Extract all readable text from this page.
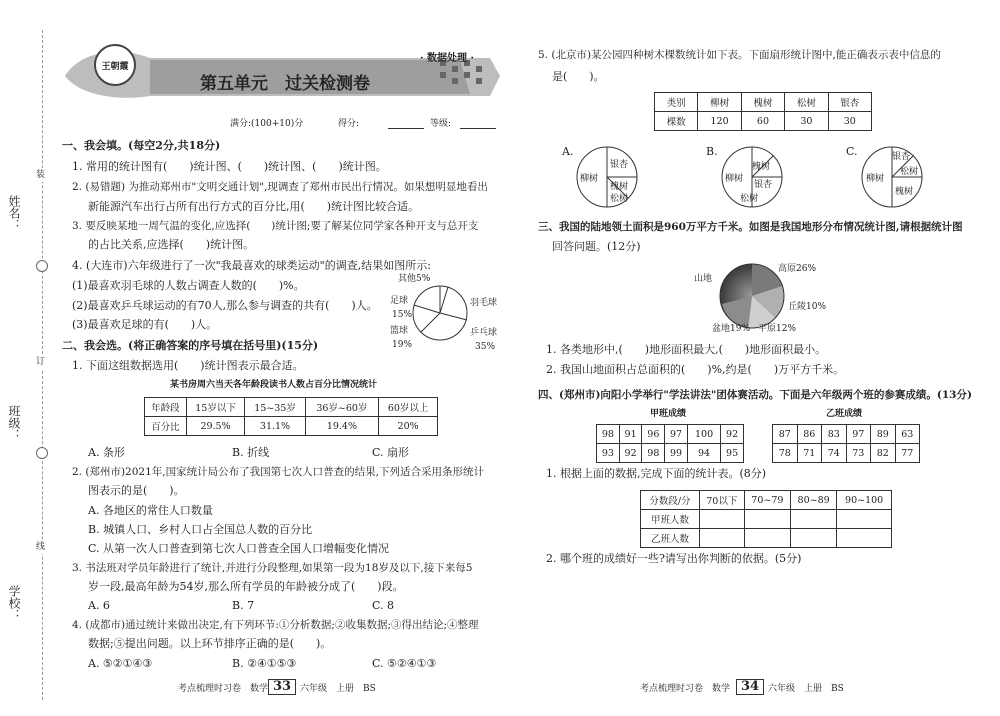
姓名：
班级：
学校：
装
订
线
王朝霞
· 数据处理 ·
第五单元　过关检测卷
满分:(100+10)分	得分:	等级:
一、我会填。(每空2分,共18分)
1. 常用的统计图有(　　)统计图、(　　)统计图、(　　)统计图。
2. (易错题) 为推动郑州市"文明交通计划",现调查了郑州市民出行情况。如果想明显地看出
新能源汽车出行占所有出行方式的百分比,用(　　)统计图比较合适。
3. 要反映某地一周气温的变化,应选择(　　)统计图;要了解某位同学家各种开支与总开支
的占比关系,应选择(　　)统计图。
4. (大连市)六年级进行了一次"我最喜欢的球类运动"的调查,结果如图所示:
(1)最喜欢羽毛球的人数占调查人数的(　　)%。
(2)最喜欢乒乓球运动的有70人,那么参与调查的共有(　　)人。
(3)最喜欢足球的有(　　)人。
其他5%
足球
15%
羽毛球
篮球
19%
乒乓球
35%
二、我会选。(将正确答案的序号填在括号里)(15分)
1. 下面这组数据选用(　　)统计图表示最合适。
某书房周六当天各年龄段读书人数占百分比情况统计
年龄段	15岁以下	15~35岁	36岁~60岁	60岁以上
百分比	29.5%	31.1%	19.4%	20%
A. 条形	B. 折线	C. 扇形
2. (郑州市)2021年,国家统计局公布了我国第七次人口普查的结果,下列适合采用条形统计
图表示的是(　　)。
A. 各地区的常住人口数量
B. 城镇人口、乡村人口占全国总人数的百分比
C. 从第一次人口普查到第七次人口普查全国人口增幅变化情况
3. 书法班对学员年龄进行了统计,并进行分段整理,如果第一段为18岁及以下,接下来每5
岁一段,最高年龄为54岁,那么所有学员的年龄被分成了(　　)段。
A. 6	B. 7	C. 8
4. (成都市)通过统计来做出决定,有下列环节:①分析数据;②收集数据;③得出结论;④整理
数据;⑤提出问题。以上环节排序正确的是(　　)。
A. ⑤②①④③	B. ②④①⑤③	C. ⑤②④①③
考点梳理时习卷　数学 33 六年级　上册　BS
5. (北京市)某公园四种树木棵数统计如下表。下面扇形统计图中,能正确表示表中信息的
是(　　)。
类别	柳树	槐树	松树	银杏
棵数	120	60	30	30
A.
银杏
柳树
槐树
松树
B.
槐树
柳树
银杏
松树
C.	银杏
松树
柳树
槐树
三、我国的陆地领土面积是960万平方千米。如图是我国地形分布情况统计图,请根据统计图
回答问题。(12分)
高原26%
山地
丘陵10%
盆地19% 平原12%
1. 各类地形中,(　　)地形面积最大,(　　)地形面积最小。
2. 我国山地面积占总面积的(　　)%,约是(　　)万平方千米。
四、(郑州市)向阳小学举行"学法讲法"团体赛活动。下面是六年级两个班的参赛成绩。(13分)
甲班成绩	乙班成绩
98	91	96	97	100	92
93	92	98	99	94	95
87	86	83	97	89	63
78	71	74	73	82	77
1. 根据上面的数据,完成下面的统计表。(8分)
分数段/分	70以下	70~79	80~89	90~100
甲班人数				
乙班人数				
2. 哪个班的成绩好一些?请写出你判断的依据。(5分)
考点梳理时习卷　数学 34 六年级　上册　BS
